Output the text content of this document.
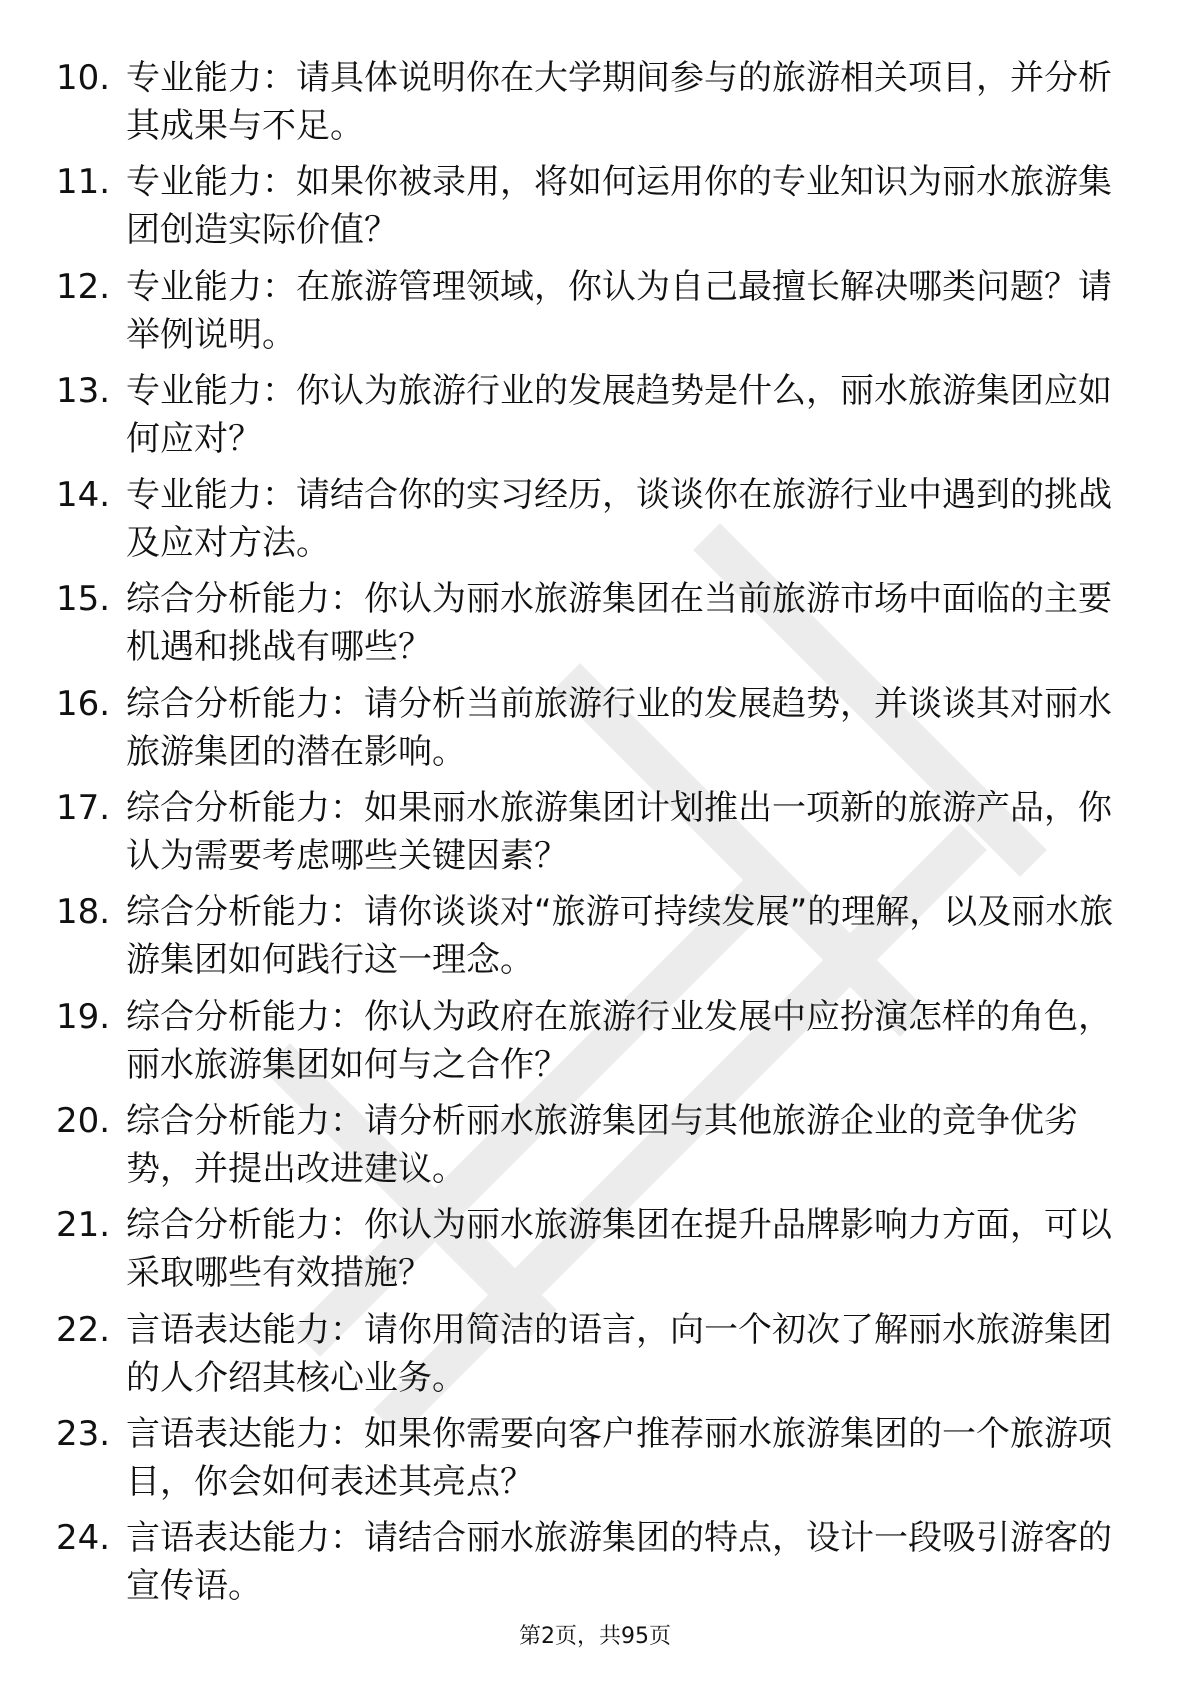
10. 专业能力：请具体说明你在大学期间参与的旅游相关项目，并分析其成果与不足。
11. 专业能力：如果你被录用，将如何运用你的专业知识为丽水旅游集团创造实际价值？
12. 专业能力：在旅游管理领域，你认为自己最擅长解决哪类问题？请举例说明。
13. 专业能力：你认为旅游行业的发展趋势是什么，丽水旅游集团应如何应对？
14. 专业能力：请结合你的实习经历，谈谈你在旅游行业中遇到的挑战及应对方法。
15. 综合分析能力：你认为丽水旅游集团在当前旅游市场中面临的主要机遇和挑战有哪些？
16. 综合分析能力：请分析当前旅游行业的发展趋势，并谈谈其对丽水旅游集团的潜在影响。
17. 综合分析能力：如果丽水旅游集团计划推出一项新的旅游产品，你认为需要考虑哪些关键因素？
18. 综合分析能力：请你谈谈对“旅游可持续发展”的理解，以及丽水旅游集团如何践行这一理念。
19. 综合分析能力：你认为政府在旅游行业发展中应扮演怎样的角色，丽水旅游集团如何与之合作？
20. 综合分析能力：请分析丽水旅游集团与其他旅游企业的竞争优劣势，并提出改进建议。
21. 综合分析能力：你认为丽水旅游集团在提升品牌影响力方面，可以采取哪些有效措施？
22. 言语表达能力：请你用简洁的语言，向一个初次了解丽水旅游集团的人介绍其核心业务。
23. 言语表达能力：如果你需要向客户推荐丽水旅游集团的一个旅游项目，你会如何表述其亮点？
24. 言语表达能力：请结合丽水旅游集团的特点，设计一段吸引游客的宣传语。
第2页，共95页
